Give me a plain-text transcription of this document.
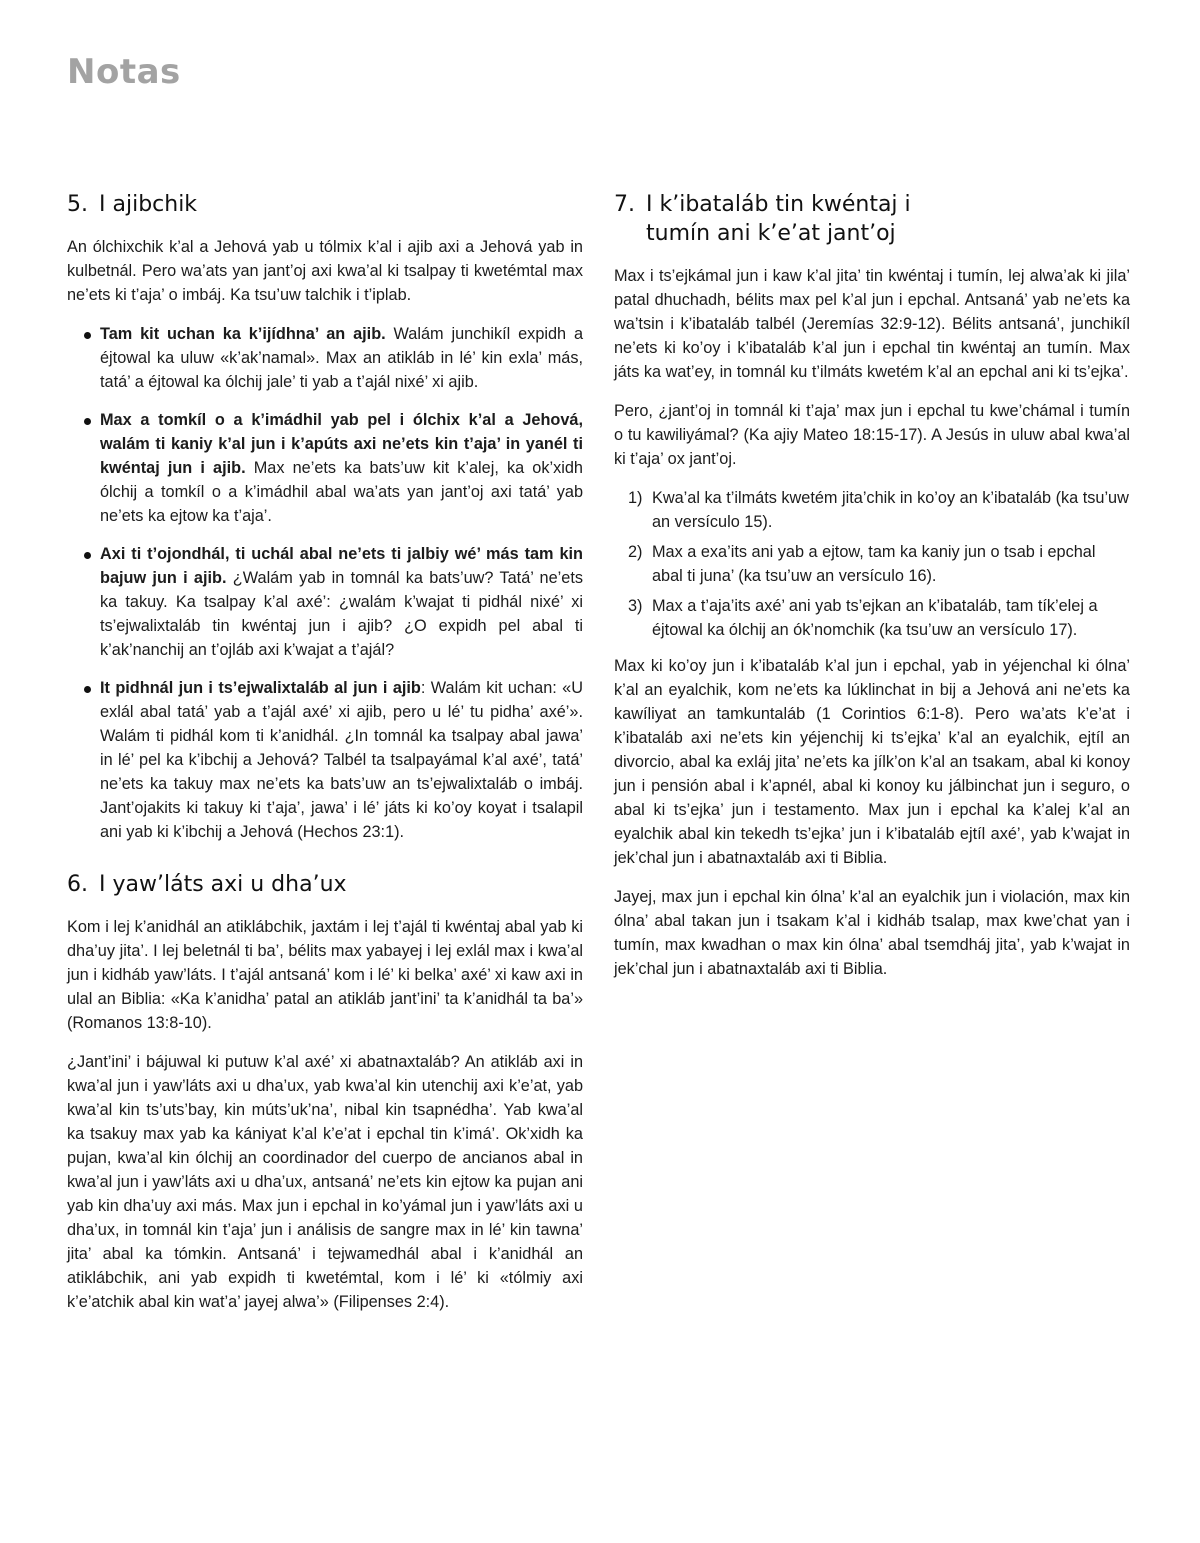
Notas
5. I ajibchik

An ólchixchik k’al a Jehová yab u tólmix k’al i ajib axi a Jehová yab in kulbetnál. Pero wa’ats yan jant’oj axi kwa’al ki tsalpay ti kwetémtal max ne’ets ki t’aja’ o imbáj. Ka tsu’uw talchik i t’iplab.

Tam kit uchan ka k’ijídhna’ an ajib. Walám junchikíl expidh a éjtowal ka uluw «k’ak’namal». Max an atikláb in lé’ kin exla’ más, tatá’ a éjtowal ka ólchij jale’ ti yab a t’ajál nixé’ xi ajib.
Max a tomkíl o a k’imádhil yab pel i ólchix k’al a Jehová, walám ti kaniy k’al jun i k’apúts axi ne’ets kin t’aja’ in yanél ti kwéntaj jun i ajib. Max ne’ets ka bats’uw kit k’alej, ka ok’xidh ólchij a tomkíl o a k’imádhil abal wa’ats yan jant’oj axi tatá’ yab ne’ets ka ejtow ka t’aja’.
Axi ti t’ojondhál, ti uchál abal ne’ets ti jalbiy wé’ más tam kin bajuw jun i ajib. ¿Walám yab in tomnál ka bats’uw? Tatá’ ne’ets ka takuy. Ka tsalpay k’al axé’: ¿walám k’wajat ti pidhál nixé’ xi ts’ejwalixtaláb tin kwéntaj jun i ajib? ¿O expidh pel abal ti k’ak’nanchij an t’ojláb axi k’wajat a t’ajál?
It pidhnál jun i ts’ejwalixtaláb al jun i ajib: Walám kit uchan: «U exlál abal tatá’ yab a t’ajál axé’ xi ajib, pero u lé’ tu pidha’ axé’». Walám ti pidhál kom ti k’anidhál. ¿In tomnál ka tsalpay abal jawa’ in lé’ pel ka k’ibchij a Jehová? Talbél ta tsalpayámal k’al axé’, tatá’ ne’ets ka takuy max ne’ets ka bats’uw an ts’ejwalixtaláb o imbáj. Jant’ojakits ki takuy ki t’aja’, jawa’ i lé’ játs ki ko’oy koyat i tsalapil ani yab ki k’ibchij a Jehová (Hechos 23:1).
6. I yaw’láts axi u dha’ux

Kom i lej k’anidhál an atiklábchik, jaxtám i lej t’ajál ti kwéntaj abal yab ki dha’uy jita’. I lej beletnál ti ba’, bélits max yabayej i lej exlál max i kwa’al jun i kidháb yaw’láts. I t’ajál antsaná’ kom i lé’ ki belka’ axé’ xi kaw axi in ulal an Biblia: «Ka k’anidha’ patal an atikláb jant’ini’ ta k’anidhál ta ba’» (Romanos 13:8-10).

¿Jant’ini’ i bájuwal ki putuw k’al axé’ xi abatnaxtaláb? An atikláb axi in kwa’al jun i yaw’láts axi u dha’ux, yab kwa’al kin utenchij axi k’e’at, yab kwa’al kin ts’uts’bay, kin múts’uk’na’, nibal kin tsapnédha’. Yab kwa’al ka tsakuy max yab ka kániyat k’al k’e’at i epchal tin k’imá’. Ok’xidh ka pujan, kwa’al kin ólchij an coordinador del cuerpo de ancianos abal in kwa’al jun i yaw’láts axi u dha’ux, antsaná’ ne’ets kin ejtow ka pujan ani yab kin dha’uy axi más. Max jun i epchal in ko’yámal jun i yaw’láts axi u dha’ux, in tomnál kin t’aja’ jun i análisis de sangre max in lé’ kin tawna’ jita’ abal ka tómkin. Antsaná’ i tejwamedhál abal i k’anidhál an atiklábchik, ani yab expidh ti kwetémtal, kom i lé’ ki «tólmiy axi k’e’atchik abal kin wat’a’ jayej alwa’» (Filipenses 2:4).

7. I k’ibataláb tin kwéntaj i
tumín ani k’e’at jant’oj

Max i ts’ejkámal jun i kaw k’al jita’ tin kwéntaj i tumín, lej alwa’ak ki jila’ patal dhuchadh, bélits max pel k’al jun i epchal. Antsaná’ yab ne’ets ka wa’tsin i k’ibataláb talbél (Jeremías 32:9-12). Bélits antsaná’, junchikíl ne’ets ki ko’oy i k’ibataláb k’al jun i epchal tin kwéntaj an tumín. Max játs ka wat’ey, in tomnál ku t’ilmáts kwetém k’al an epchal ani ki ts’ejka’.

Pero, ¿jant’oj in tomnál ki t’aja’ max jun i epchal tu kwe’chámal i tumín o tu kawiliyámal? (Ka ajiy Mateo 18:15-17). A Jesús in uluw abal kwa’al ki t’aja’ ox jant’oj.

1) Kwa’al ka t’ilmáts kwetém jita’chik in ko’oy an k’ibataláb (ka tsu’uw an versículo 15).
2) Max a exa’its ani yab a ejtow, tam ka kaniy jun o tsab i epchal abal ti juna’ (ka tsu’uw an versículo 16).
3) Max a t’aja’its axé’ ani yab ts’ejkan an k’ibataláb, tam tík’elej a éjtowal ka ólchij an ók’nomchik (ka tsu’uw an versículo 17).

Max ki ko’oy jun i k’ibataláb k’al jun i epchal, yab in yéjenchal ki ólna’ k’al an eyalchik, kom ne’ets ka lúklinchat in bij a Jehová ani ne’ets ka kawíliyat an tamkuntaláb (1 Corintios 6:1-8). Pero wa’ats k’e’at i k’ibataláb axi ne’ets kin yéjenchij ki ts’ejka’ k’al an eyalchik, ejtíl an divorcio, abal ka exláj jita’ ne’ets ka jílk’on k’al an tsakam, abal ki konoy jun i pensión abal i k’apnél, abal ki konoy ku jálbinchat jun i seguro, o abal ki ts’ejka’ jun i testamento. Max jun i epchal ka k’alej k’al an eyalchik abal kin tekedh ts’ejka’ jun i k’ibataláb ejtíl axé’, yab k’wajat in jek’chal jun i abatnaxtaláb axi ti Biblia.

Jayej, max jun i epchal kin ólna’ k’al an eyalchik jun i violación, max kin ólna’ abal takan jun i tsakam k’al i kidháb tsalap, max kwe’chat yan i tumín, max kwadhan o max kin ólna’ abal tsemdháj jita’, yab k’wajat in jek’chal jun i abatnaxtaláb axi ti Biblia.
